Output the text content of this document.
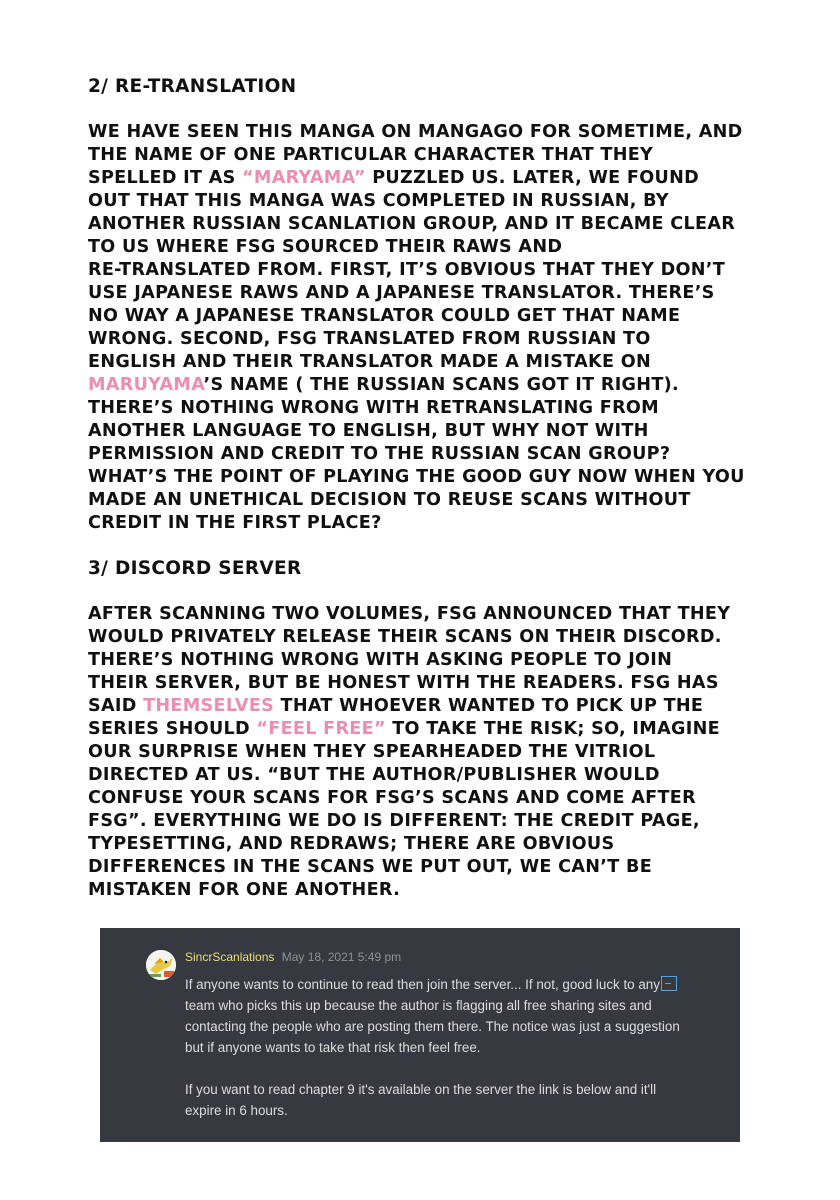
2/ RE-TRANSLATION
WE HAVE SEEN THIS MANGA ON MANGAGO FOR SOMETIME, AND
THE NAME OF ONE PARTICULAR CHARACTER THAT THEY
SPELLED IT AS “MARYAMA” PUZZLED US. LATER, WE FOUND
OUT THAT THIS MANGA WAS COMPLETED IN RUSSIAN, BY
ANOTHER RUSSIAN SCANLATION GROUP, AND IT BECAME CLEAR
TO US WHERE FSG SOURCED THEIR RAWS AND
RE-TRANSLATED FROM. FIRST, IT’S OBVIOUS THAT THEY DON’T
USE JAPANESE RAWS AND A JAPANESE TRANSLATOR. THERE’S
NO WAY A JAPANESE TRANSLATOR COULD GET THAT NAME
WRONG. SECOND, FSG TRANSLATED FROM RUSSIAN TO
ENGLISH AND THEIR TRANSLATOR MADE A MISTAKE ON
MARUYAMA’S NAME ( THE RUSSIAN SCANS GOT IT RIGHT).
THERE’S NOTHING WRONG WITH RETRANSLATING FROM
ANOTHER LANGUAGE TO ENGLISH, BUT WHY NOT WITH
PERMISSION AND CREDIT TO THE RUSSIAN SCAN GROUP?
WHAT’S THE POINT OF PLAYING THE GOOD GUY NOW WHEN YOU
MADE AN UNETHICAL DECISION TO REUSE SCANS WITHOUT
CREDIT IN THE FIRST PLACE?
3/ DISCORD SERVER
AFTER SCANNING TWO VOLUMES, FSG ANNOUNCED THAT THEY
WOULD PRIVATELY RELEASE THEIR SCANS ON THEIR DISCORD.
THERE’S NOTHING WRONG WITH ASKING PEOPLE TO JOIN
THEIR SERVER, BUT BE HONEST WITH THE READERS. FSG HAS
SAID THEMSELVES THAT WHOEVER WANTED TO PICK UP THE
SERIES SHOULD “FEEL FREE” TO TAKE THE RISK; SO, IMAGINE
OUR SURPRISE WHEN THEY SPEARHEADED THE VITRIOL
DIRECTED AT US. “BUT THE AUTHOR/PUBLISHER WOULD
CONFUSE YOUR SCANS FOR FSG’S SCANS AND COME AFTER
FSG”. EVERYTHING WE DO IS DIFFERENT: THE CREDIT PAGE,
TYPESETTING, AND REDRAWS; THERE ARE OBVIOUS
DIFFERENCES IN THE SCANS WE PUT OUT, WE CAN’T BE
MISTAKEN FOR ONE ANOTHER.
SincrScanlations May 18, 2021 5:49 pm
If anyone wants to continue to read then join the server... If not, good luck to any
team who picks this up because the author is flagging all free sharing sites and
contacting the people who are posting them there. The notice was just a suggestion
but if anyone wants to take that risk then feel free.
If you want to read chapter 9 it's available on the server the link is below and it'll
expire in 6 hours.
